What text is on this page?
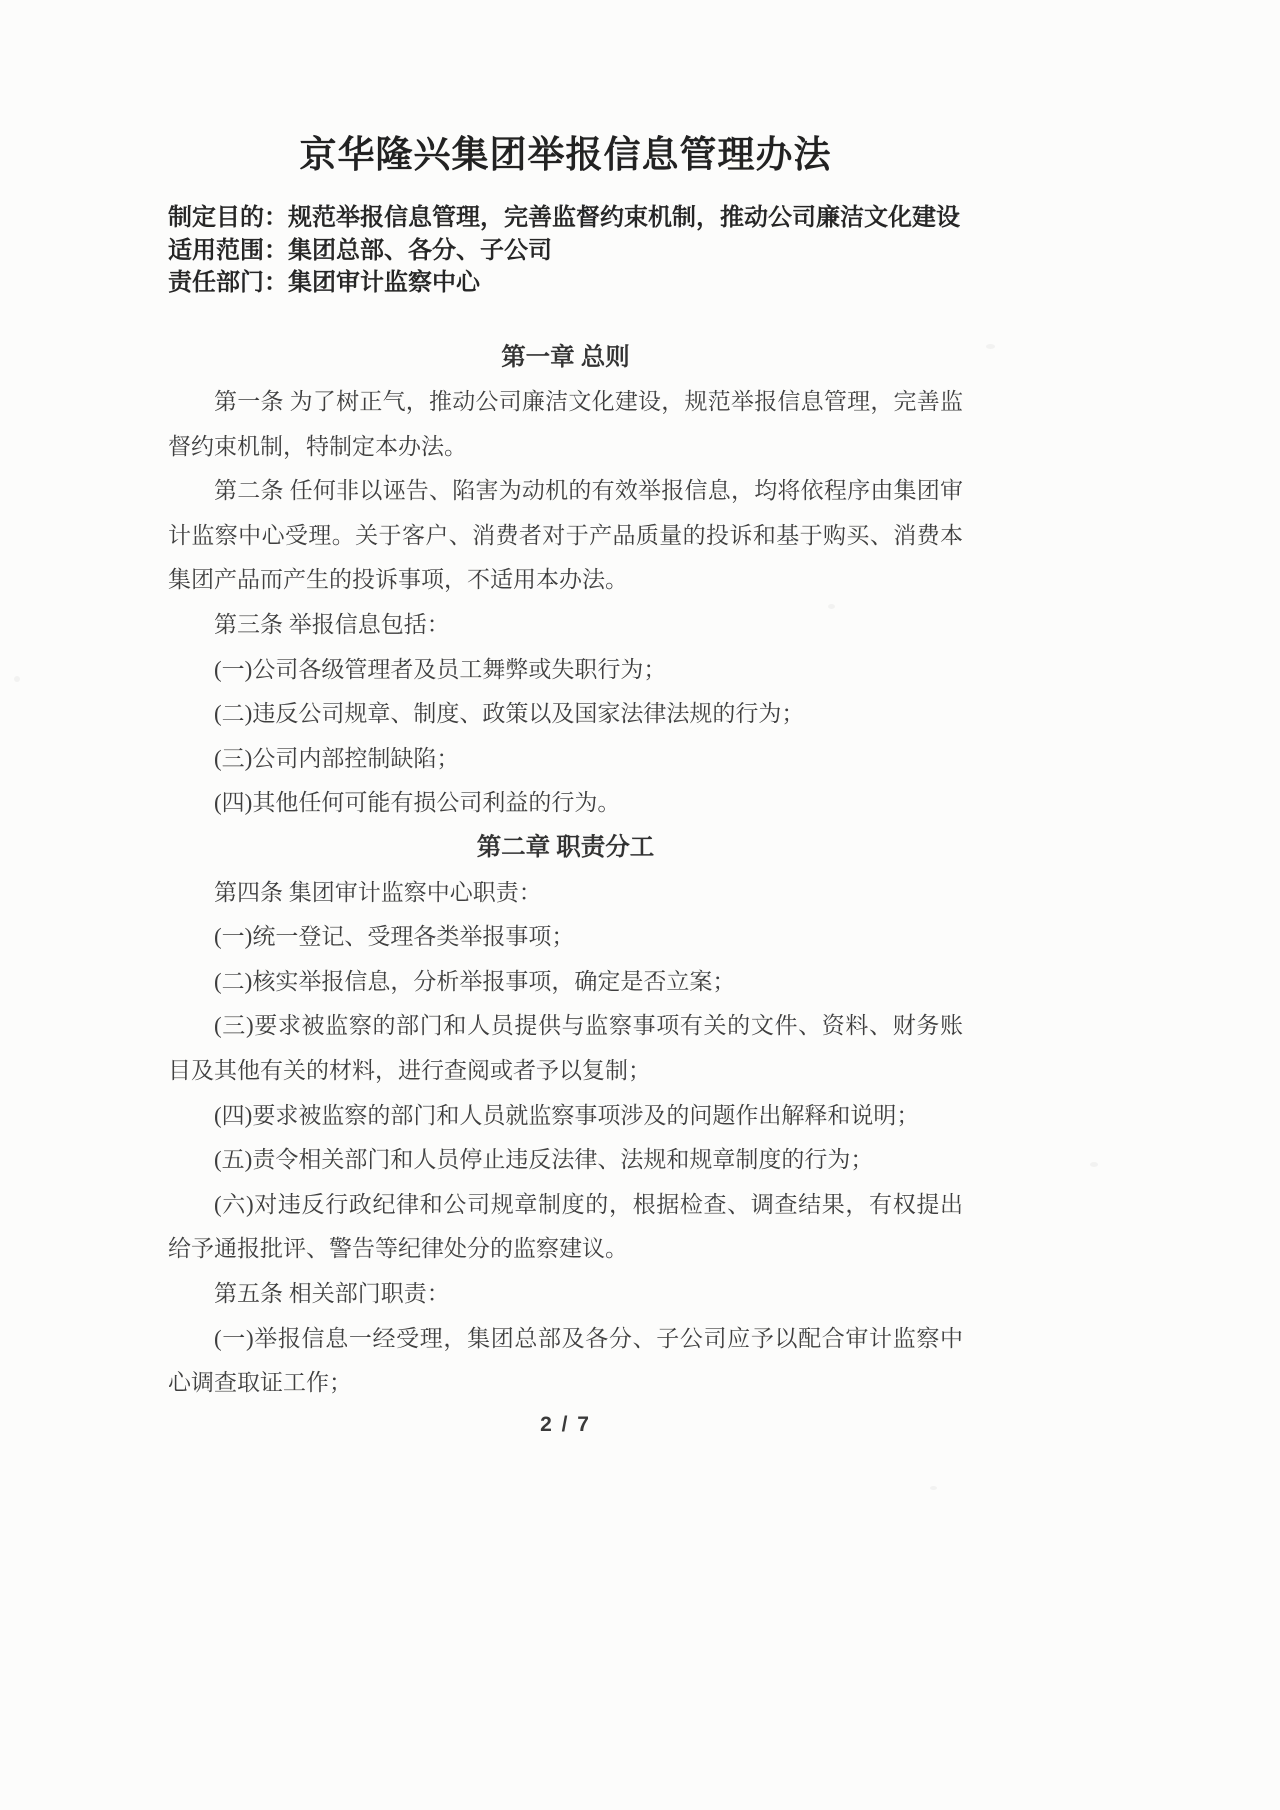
京华隆兴集团举报信息管理办法
制定目的：规范举报信息管理，完善监督约束机制，推动公司廉洁文化建设
适用范围：集团总部、各分、子公司
责任部门：集团审计监察中心
第一章 总则

第一条 为了树正气，推动公司廉洁文化建设，规范举报信息管理，完善监督约束机制，特制定本办法。

第二条 任何非以诬告、陷害为动机的有效举报信息，均将依程序由集团审计监察中心受理。关于客户、消费者对于产品质量的投诉和基于购买、消费本集团产品而产生的投诉事项，不适用本办法。

第三条 举报信息包括：

(一)公司各级管理者及员工舞弊或失职行为；

(二)违反公司规章、制度、政策以及国家法律法规的行为；

(三)公司内部控制缺陷；

(四)其他任何可能有损公司利益的行为。

第二章 职责分工

第四条 集团审计监察中心职责：

(一)统一登记、受理各类举报事项；

(二)核实举报信息，分析举报事项，确定是否立案；

(三)要求被监察的部门和人员提供与监察事项有关的文件、资料、财务账目及其他有关的材料，进行查阅或者予以复制；

(四)要求被监察的部门和人员就监察事项涉及的问题作出解释和说明；

(五)责令相关部门和人员停止违反法律、法规和规章制度的行为；

(六)对违反行政纪律和公司规章制度的，根据检查、调查结果，有权提出给予通报批评、警告等纪律处分的监察建议。

第五条 相关部门职责：

(一)举报信息一经受理，集团总部及各分、子公司应予以配合审计监察中心调查取证工作；

2 / 7
